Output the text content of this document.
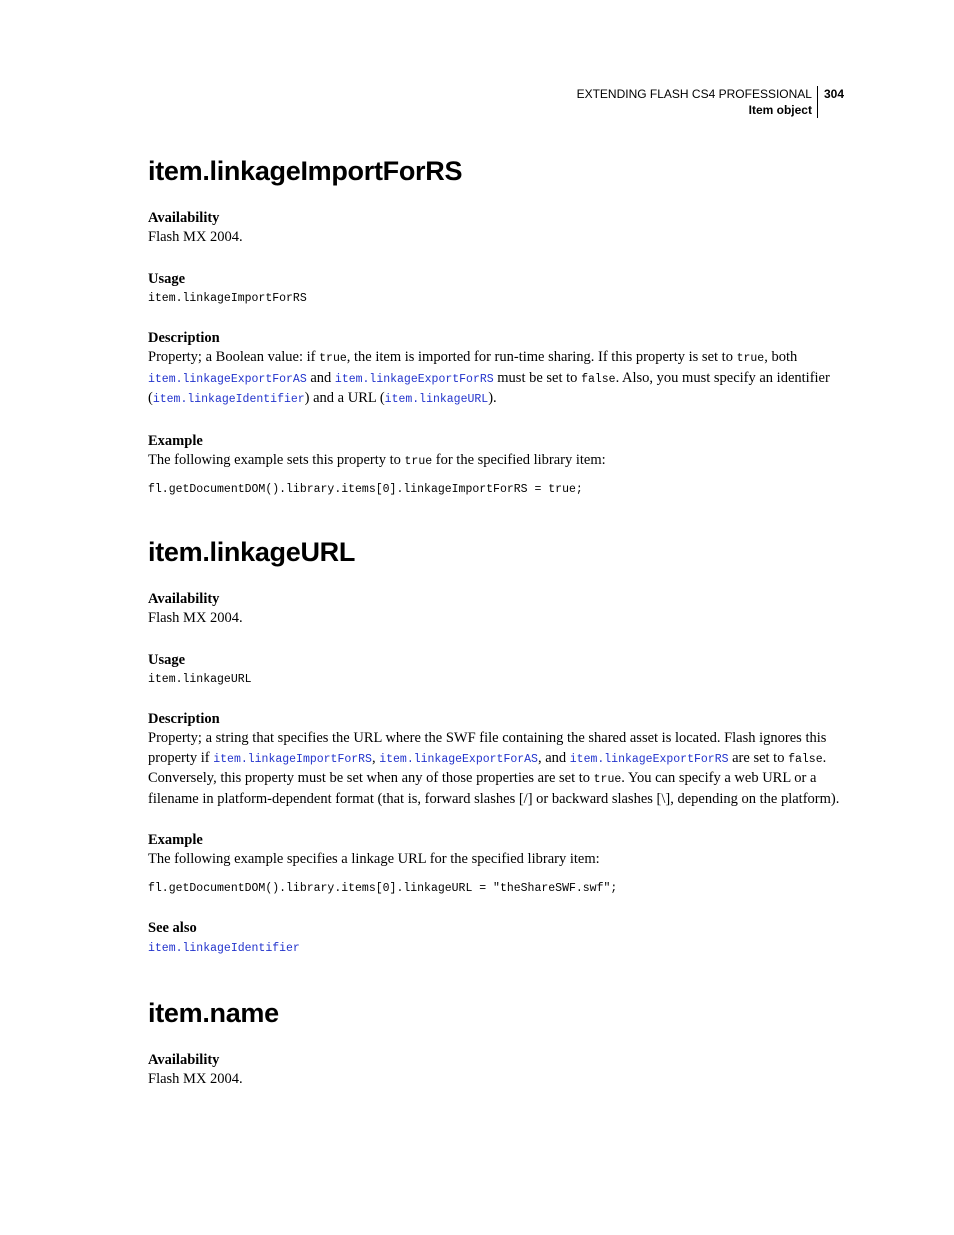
EXTENDING FLASH CS4 PROFESSIONAL
Item object
304
item.linkageImportForRS
Availability

Flash MX 2004.

Usage

item.linkageImportForRS

Description

Property; a Boolean value: if true, the item is imported for run-time sharing. If this property is set to true, both item.linkageExportForAS and item.linkageExportForRS must be set to false. Also, you must specify an identifier (item.linkageIdentifier) and a URL (item.linkageURL).

Example

The following example sets this property to true for the specified library item:

fl.getDocumentDOM().library.items[0].linkageImportForRS = true;

item.linkageURL
Availability

Flash MX 2004.

Usage

item.linkageURL

Description

Property; a string that specifies the URL where the SWF file containing the shared asset is located. Flash ignores this property if item.linkageImportForRS, item.linkageExportForAS, and item.linkageExportForRS are set to false. Conversely, this property must be set when any of those properties are set to true. You can specify a web URL or a filename in platform-dependent format (that is, forward slashes [/] or backward slashes [\], depending on the platform).

Example

The following example specifies a linkage URL for the specified library item:

fl.getDocumentDOM().library.items[0].linkageURL = "theShareSWF.swf";

See also

item.linkageIdentifier

item.name
Availability

Flash MX 2004.
